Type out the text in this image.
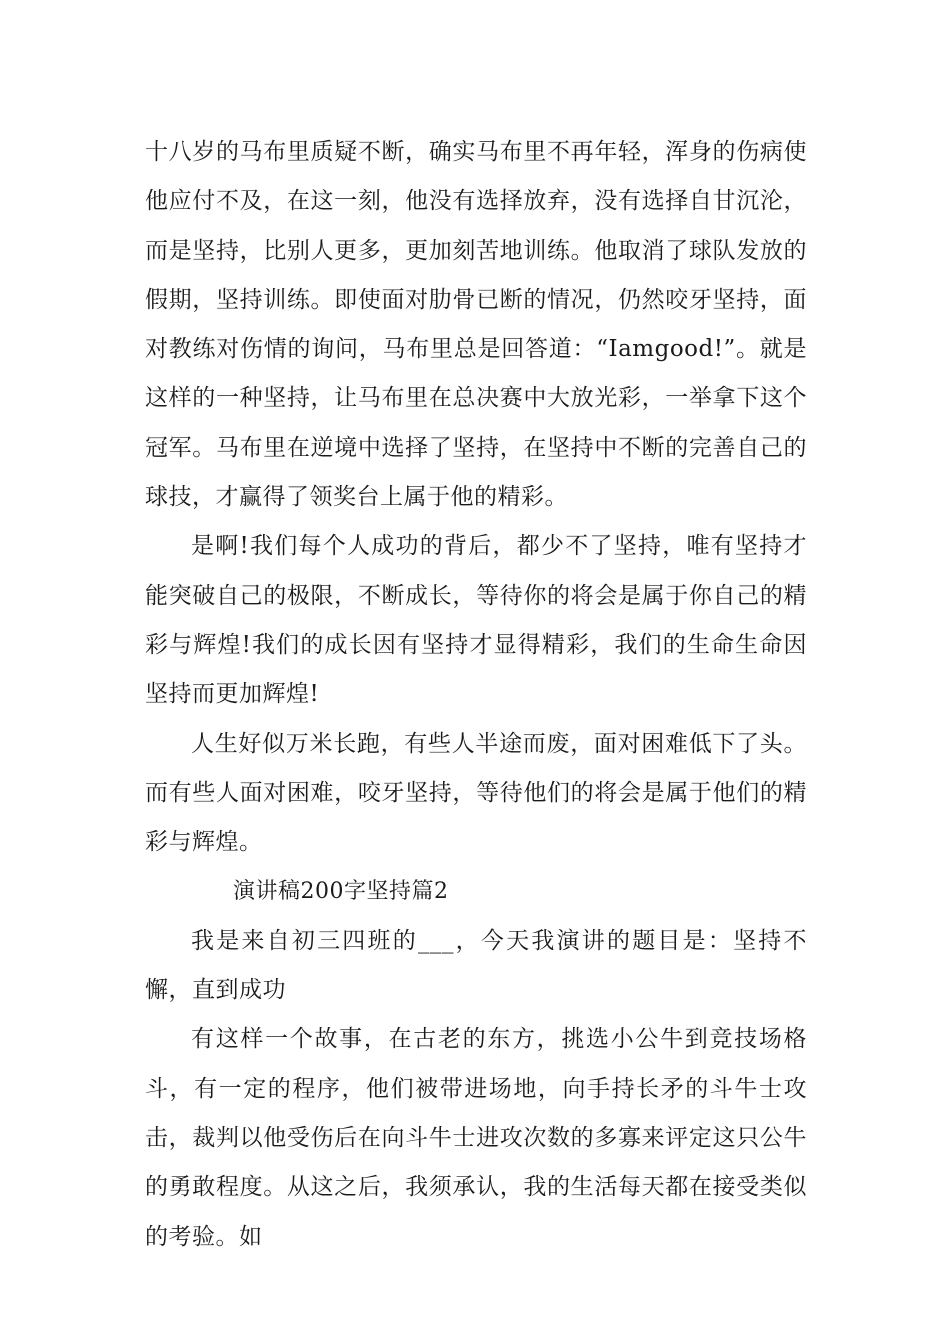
十八岁的马布里质疑不断，确实马布里不再年轻，浑身的伤病使他应付不及，在这一刻，他没有选择放弃，没有选择自甘沉沦，而是坚持，比别人更多，更加刻苦地训练。他取消了球队发放的假期，坚持训练。即使面对肋骨已断的情况，仍然咬牙坚持，面对教练对伤情的询问，马布里总是回答道：“Iamgood!”。就是这样的一种坚持，让马布里在总决赛中大放光彩，一举拿下这个冠军。马布里在逆境中选择了坚持，在坚持中不断的完善自己的球技，才赢得了领奖台上属于他的精彩。

是啊!我们每个人成功的背后，都少不了坚持，唯有坚持才能突破自己的极限，不断成长，等待你的将会是属于你自己的精彩与辉煌!我们的成长因有坚持才显得精彩，我们的生命生命因坚持而更加辉煌!

人生好似万米长跑，有些人半途而废，面对困难低下了头。而有些人面对困难，咬牙坚持，等待他们的将会是属于他们的精彩与辉煌。

演讲稿200字坚持篇2

我是来自初三四班的___，今天我演讲的题目是：坚持不懈，直到成功

有这样一个故事，在古老的东方，挑选小公牛到竞技场格斗，有一定的程序，他们被带进场地，向手持长矛的斗牛士攻击，裁判以他受伤后在向斗牛士进攻次数的多寡来评定这只公牛的勇敢程度。从这之后，我须承认，我的生活每天都在接受类似的考验。如
